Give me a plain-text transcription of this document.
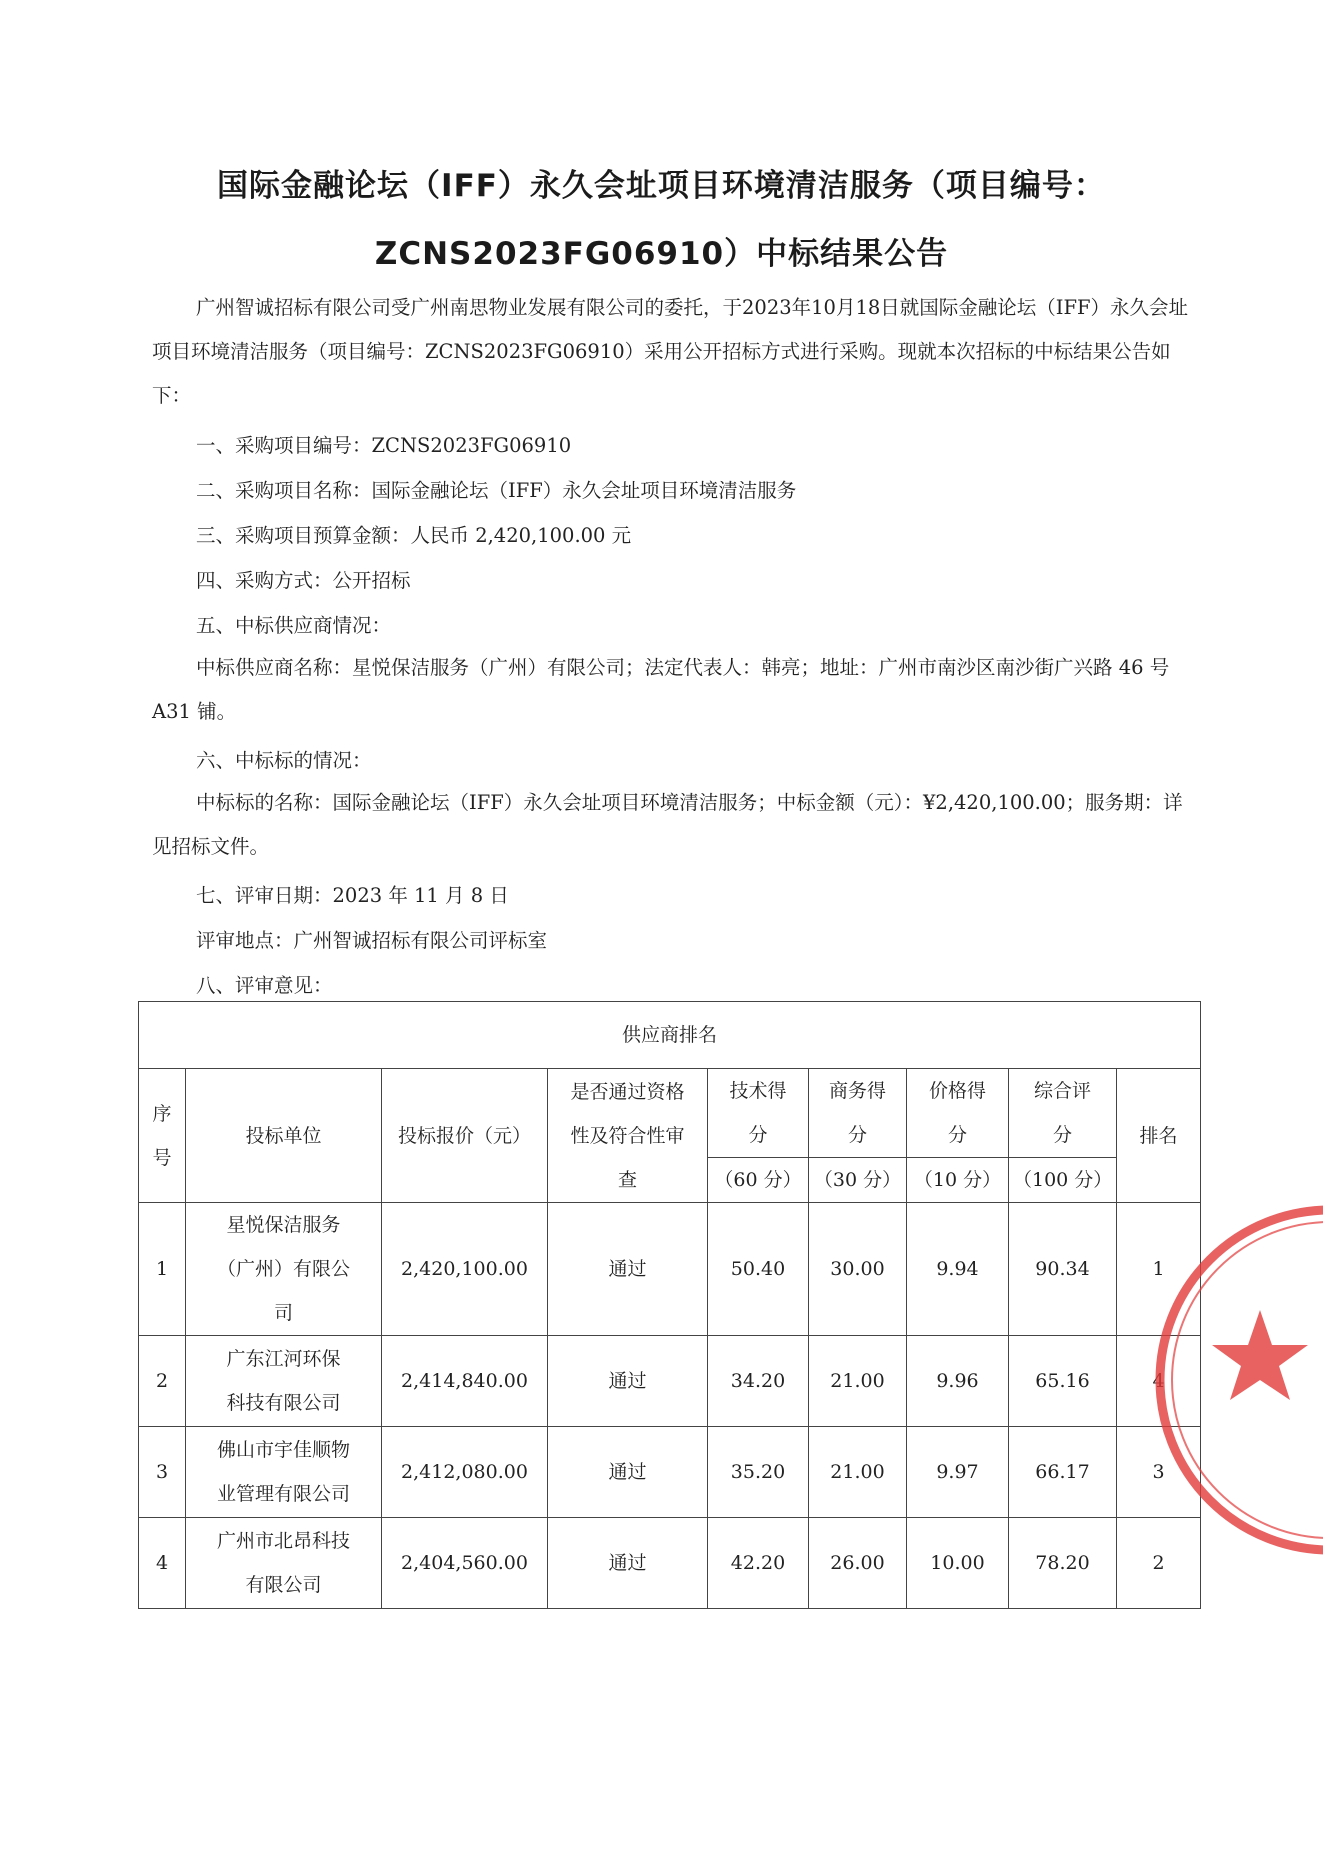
国际金融论坛（IFF）永久会址项目环境清洁服务（项目编号：
ZCNS2023FG06910）中标结果公告
广州智诚招标有限公司受广州南思物业发展有限公司的委托，于2023年10月18日就国际金融论坛（IFF）永久会址项目环境清洁服务（项目编号：ZCNS2023FG06910）采用公开招标方式进行采购。现就本次招标的中标结果公告如下：
一、采购项目编号：ZCNS2023FG06910
二、采购项目名称：国际金融论坛（IFF）永久会址项目环境清洁服务
三、采购项目预算金额：人民币 2,420,100.00 元
四、采购方式：公开招标
五、中标供应商情况：
中标供应商名称：星悦保洁服务（广州）有限公司；法定代表人：韩亮；地址：广州市南沙区南沙街广兴路 46 号 A31 铺。
六、中标标的情况：
中标标的名称：国际金融论坛（IFF）永久会址项目环境清洁服务；中标金额（元）：¥2,420,100.00；服务期：详见招标文件。
七、评审日期：2023 年 11 月 8 日
评审地点：广州智诚招标有限公司评标室
八、评审意见：
供应商排名								
序号	投标单位	投标报价（元）	是否通过资格性及符合性审查	技术得分	商务得分	价格得分	综合评分	排名
				（60 分）	（30 分）	（10 分）	（100 分）	
1	星悦保洁服务（广州）有限公司	2,420,100.00	通过	50.40	30.00	9.94	90.34	1
2	广东江河环保科技有限公司	2,414,840.00	通过	34.20	21.00	9.96	65.16	4
3	佛山市宇佳顺物业管理有限公司	2,412,080.00	通过	35.20	21.00	9.97	66.17	3
4	广州市北昂科技有限公司	2,404,560.00	通过	42.20	26.00	10.00	78.20	2
